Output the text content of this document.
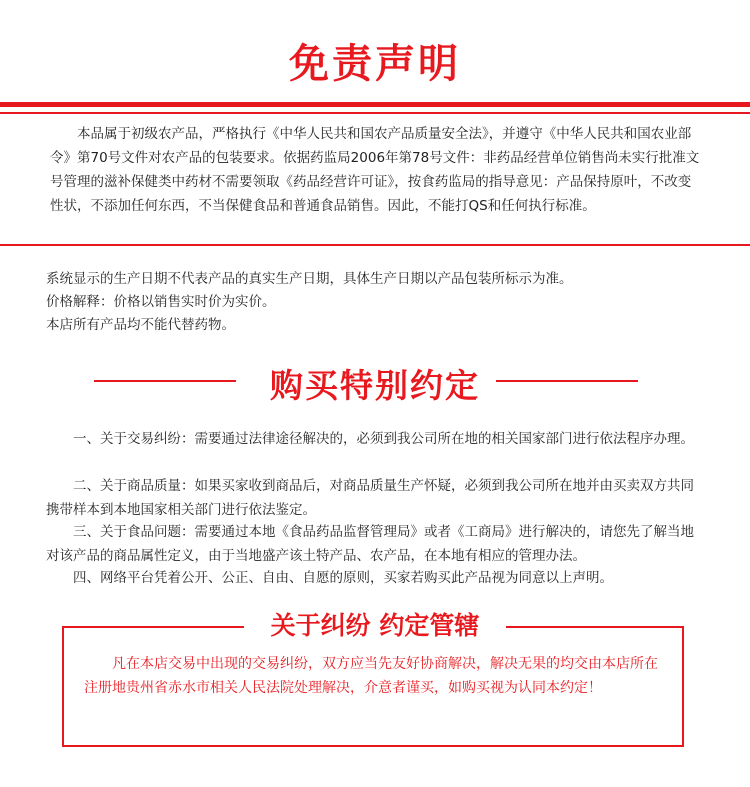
免责声明

本品属于初级农产品，严格执行《中华人民共和国农产品质量安全法》，并遵守《中华人民共和国农业部令》第70号文件对农产品的包装要求。依据药监局2006年第78号文件：非药品经营单位销售尚未实行批准文号管理的滋补保健类中药材不需要领取《药品经营许可证》，按食药监局的指导意见：产品保持原叶，不改变性状，不添加任何东西，不当保健食品和普通食品销售。因此，不能打QS和任何执行标准。

系统显示的生产日期不代表产品的真实生产日期，具体生产日期以产品包装所标示为准。

价格解释：价格以销售实时价为实价。

本店所有产品均不能代替药物。

购买特别约定

一、关于交易纠纷：需要通过法律途径解决的，必须到我公司所在地的相关国家部门进行依法程序办理。

二、关于商品质量：如果买家收到商品后，对商品质量生产怀疑，必须到我公司所在地并由买卖双方共同携带样本到本地国家相关部门进行依法鉴定。

三、关于食品问题：需要通过本地《食品药品监督管理局》或者《工商局》进行解决的，请您先了解当地对该产品的商品属性定义，由于当地盛产该土特产品、农产品，在本地有相应的管理办法。

四、网络平台凭着公开、公正、自由、自愿的原则，买家若购买此产品视为同意以上声明。

关于纠纷 约定管辖

凡在本店交易中出现的交易纠纷，双方应当先友好协商解决，解决无果的均交由本店所在注册地贵州省赤水市相关人民法院处理解决，介意者谨买，如购买视为认同本约定！
